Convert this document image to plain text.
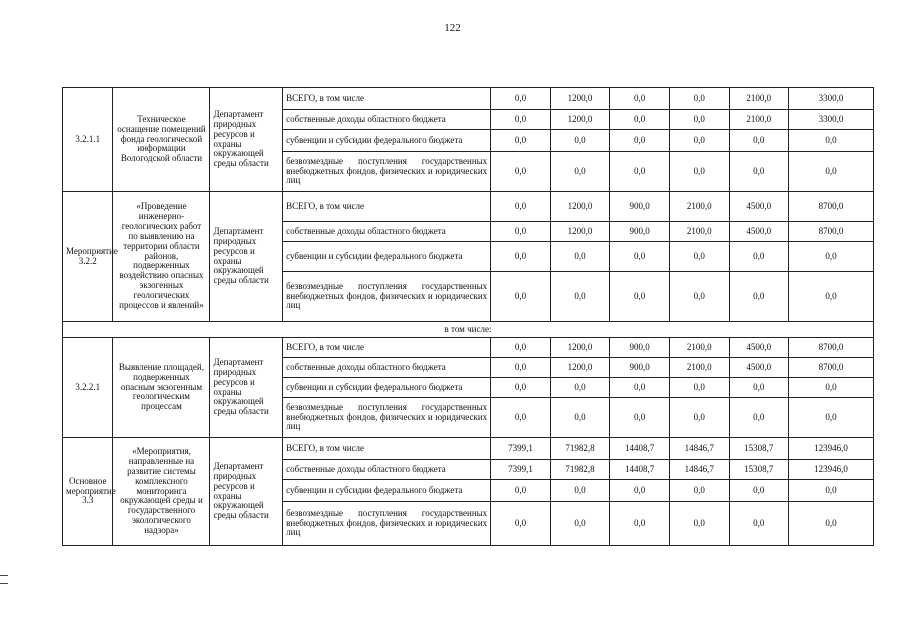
122
3.2.1.1	Техническое оснащение помещений фонда геологической информации Вологодской области	Департамент природных ресурсов и охраны окружающей среды области	ВСЕГО, в том числе	0,0	1200,0	0,0	0,0	2100,0	3300,0
			собственные доходы областного бюджета	0,0	1200,0	0,0	0,0	2100,0	3300,0
			субвенции и субсидии федерального бюджета	0,0	0,0	0,0	0,0	0,0	0,0
			безвозмездные поступления государственных внебюджетных фондов, физических и юридических лиц	0,0	0,0	0,0	0,0	0,0	0,0
Мероприятие 3.2.2	«Проведение инженерно-геологических работ по выявлению на территории области районов, подверженных воздействию опасных экзогенных геологических процессов и явлений»	Департамент природных ресурсов и охраны окружающей среды области	ВСЕГО, в том числе	0,0	1200,0	900,0	2100,0	4500,0	8700,0
			собственные доходы областного бюджета	0,0	1200,0	900,0	2100,0	4500,0	8700,0
			субвенции и субсидии федерального бюджета	0,0	0,0	0,0	0,0	0,0	0,0
			безвозмездные поступления государственных внебюджетных фондов, физических и юридических лиц	0,0	0,0	0,0	0,0	0,0	0,0
в том числе:									
3.2.2.1	Выявление площадей, подверженных опасным экзогенным геологическим процессам	Департамент природных ресурсов и охраны окружающей среды области	ВСЕГО, в том числе	0,0	1200,0	900,0	2100,0	4500,0	8700,0
			собственные доходы областного бюджета	0,0	1200,0	900,0	2100,0	4500,0	8700,0
			субвенции и субсидии федерального бюджета	0,0	0,0	0,0	0,0	0,0	0,0
			безвозмездные поступления государственных внебюджетных фондов, физических и юридических лиц	0,0	0,0	0,0	0,0	0,0	0,0
Основное мероприятие 3.3	«Мероприятия, направленные на развитие системы комплексного мониторинга окружающей среды и государственного экологического надзора»	Департамент природных ресурсов и охраны окружающей среды области	ВСЕГО, в том числе	7399,1	71982,8	14408,7	14846,7	15308,7	123946,0
			собственные доходы областного бюджета	7399,1	71982,8	14408,7	14846,7	15308,7	123946,0
			субвенции и субсидии федерального бюджета	0,0	0,0	0,0	0,0	0,0	0,0
			безвозмездные поступления государственных внебюджетных фондов, физических и юридических лиц	0,0	0,0	0,0	0,0	0,0	0,0
